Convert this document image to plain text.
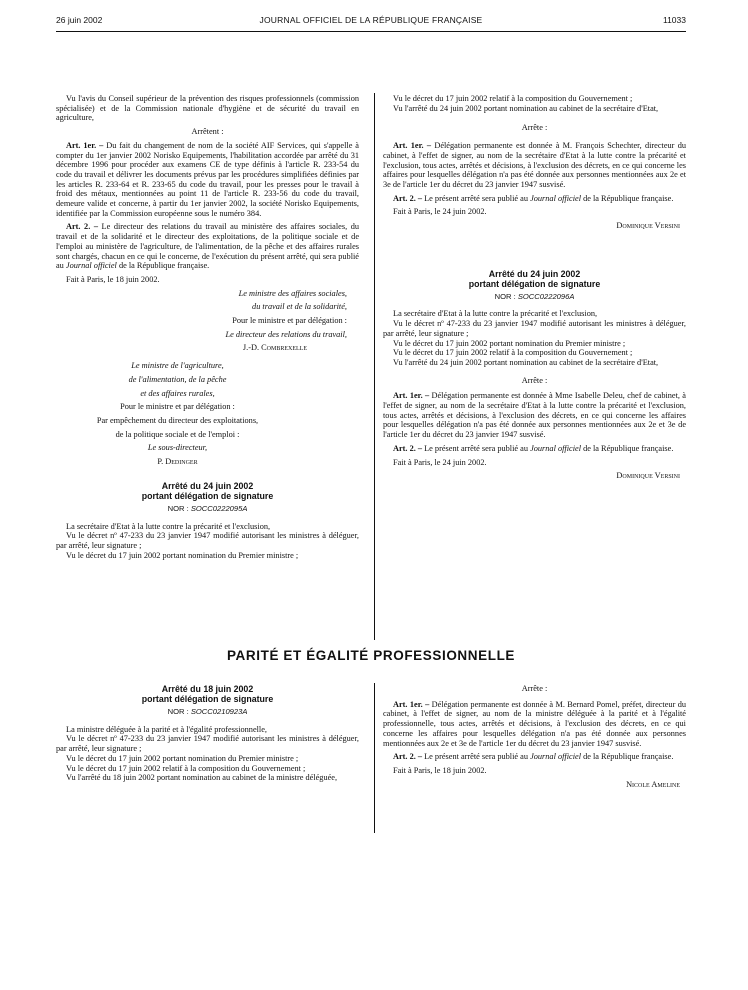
26 juin 2002	JOURNAL OFFICIEL DE LA RÉPUBLIQUE FRANÇAISE	11033

Vu l'avis du Conseil supérieur de la prévention des risques professionnels (commission spécialisée) et de la Commission nationale d'hygiène et de sécurité du travail en agriculture,

Arrêtent :

Art. 1er. – Du fait du changement de nom de la société AIF Services, qui s'appelle à compter du 1er janvier 2002 Norisko Equipements, l'habilitation accordée par arrêté du 31 décembre 1996 pour procéder aux examens CE de type définis à l'article R. 233-54 du code du travail et délivrer les documents prévus par les procédures simplifiées définies par les articles R. 233-64 et R. 233-65 du code du travail, pour les presses pour le travail à froid des métaux, mentionnées au point 11 de l'article R. 233-56 du code du travail, demeure valide et concerne, à partir du 1er janvier 2002, la société Norisko Equipements, identifiée par la Commission européenne sous le numéro 384.

Art. 2. – Le directeur des relations du travail au ministère des affaires sociales, du travail et de la solidarité et le directeur des exploitations, de la politique sociale et de l'emploi au ministère de l'agriculture, de l'alimentation, de la pêche et des affaires rurales sont chargés, chacun en ce qui le concerne, de l'exécution du présent arrêté, qui sera publié au Journal officiel de la République française.

Fait à Paris, le 18 juin 2002.

Le ministre des affaires sociales,

du travail et de la solidarité,

Pour le ministre et par délégation :

Le directeur des relations du travail,

J.-D. Combrexelle

Le ministre de l'agriculture,

de l'alimentation, de la pêche

et des affaires rurales,

Pour le ministre et par délégation :

Par empêchement du directeur des exploitations,

de la politique sociale et de l'emploi :

Le sous-directeur,

P. Dedinger

Arrêté du 24 juin 2002
portant délégation de signature
NOR : SOCC0222095A

La secrétaire d'Etat à la lutte contre la précarité et l'exclusion,

Vu le décret nº 47-233 du 23 janvier 1947 modifié autorisant les ministres à déléguer, par arrêté, leur signature ;

Vu le décret du 17 juin 2002 portant nomination du Premier ministre ;

Vu le décret du 17 juin 2002 relatif à la composition du Gouvernement ;

Vu l'arrêté du 24 juin 2002 portant nomination au cabinet de la secrétaire d'Etat,

Arrête :

Art. 1er. – Délégation permanente est donnée à M. François Schechter, directeur du cabinet, à l'effet de signer, au nom de la secrétaire d'Etat à la lutte contre la précarité et l'exclusion, tous actes, arrêtés et décisions, à l'exclusion des décrets, en ce qui concerne les affaires pour lesquelles délégation n'a pas été donnée aux personnes mentionnées aux 2e et 3e de l'article 1er du décret du 23 janvier 1947 susvisé.

Art. 2. – Le présent arrêté sera publié au Journal officiel de la République française.

Fait à Paris, le 24 juin 2002.

Dominique Versini

Arrêté du 24 juin 2002
portant délégation de signature
NOR : SOCC0222096A

La secrétaire d'Etat à la lutte contre la précarité et l'exclusion,

Vu le décret nº 47-233 du 23 janvier 1947 modifié autorisant les ministres à déléguer, par arrêté, leur signature ;

Vu le décret du 17 juin 2002 portant nomination du Premier ministre ;

Vu le décret du 17 juin 2002 relatif à la composition du Gouvernement ;

Vu l'arrêté du 24 juin 2002 portant nomination au cabinet de la secrétaire d'Etat,

Arrête :

Art. 1er. – Délégation permanente est donnée à Mme Isabelle Deleu, chef de cabinet, à l'effet de signer, au nom de la secrétaire d'Etat à la lutte contre la précarité et l'exclusion, tous actes, arrêtés et décisions, à l'exclusion des décrets, en ce qui concerne les affaires pour lesquelles délégation n'a pas été donnée aux personnes mentionnées aux 2e et 3e de l'article 1er du décret du 23 janvier 1947 susvisé.

Art. 2. – Le présent arrêté sera publié au Journal officiel de la République française.

Fait à Paris, le 24 juin 2002.

Dominique Versini

PARITÉ ET ÉGALITÉ PROFESSIONNELLE
Arrêté du 18 juin 2002
portant délégation de signature
NOR : SOCC0210923A

La ministre déléguée à la parité et à l'égalité professionnelle,

Vu le décret nº 47-233 du 23 janvier 1947 modifié autorisant les ministres à déléguer, par arrêté, leur signature ;

Vu le décret du 17 juin 2002 portant nomination du Premier ministre ;

Vu le décret du 17 juin 2002 relatif à la composition du Gouvernement ;

Vu l'arrêté du 18 juin 2002 portant nomination au cabinet de la ministre déléguée,

Arrête :

Art. 1er. – Délégation permanente est donnée à M. Bernard Pomel, préfet, directeur du cabinet, à l'effet de signer, au nom de la ministre déléguée à la parité et à l'égalité professionnelle, tous actes, arrêtés et décisions, à l'exclusion des décrets, en ce qui concerne les affaires pour lesquelles délégation n'a pas été donnée aux personnes mentionnées aux 2e et 3e de l'article 1er du décret du 23 janvier 1947 susvisé.

Art. 2. – Le présent arrêté sera publié au Journal officiel de la République française.

Fait à Paris, le 18 juin 2002.

Nicole Ameline
